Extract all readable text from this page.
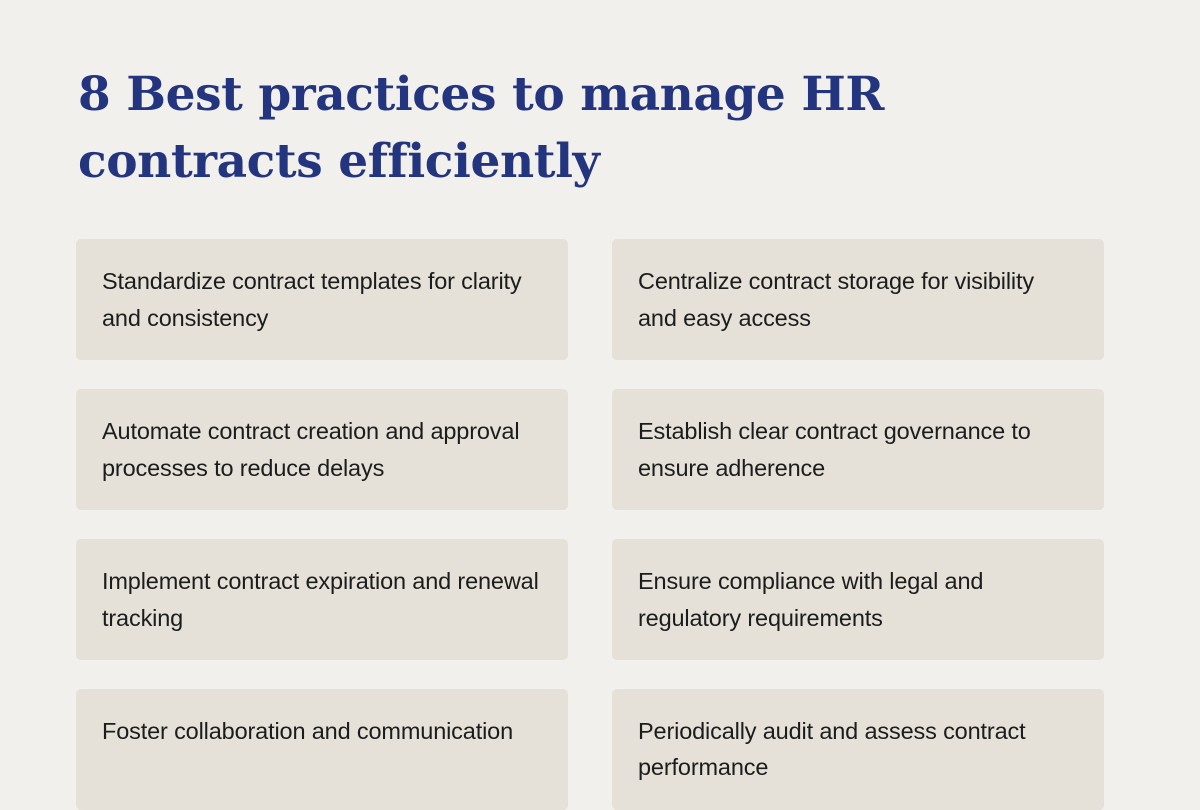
8 Best practices to manage HR contracts efficiently
Standardize contract templates for clarity and consistency
Centralize contract storage for visibility and easy access
Automate contract creation and approval processes to reduce delays
Establish clear contract governance to ensure adherence
Implement contract expiration and renewal tracking
Ensure compliance with legal and regulatory requirements
Foster collaboration and communication	Periodically audit and assess contract performance
